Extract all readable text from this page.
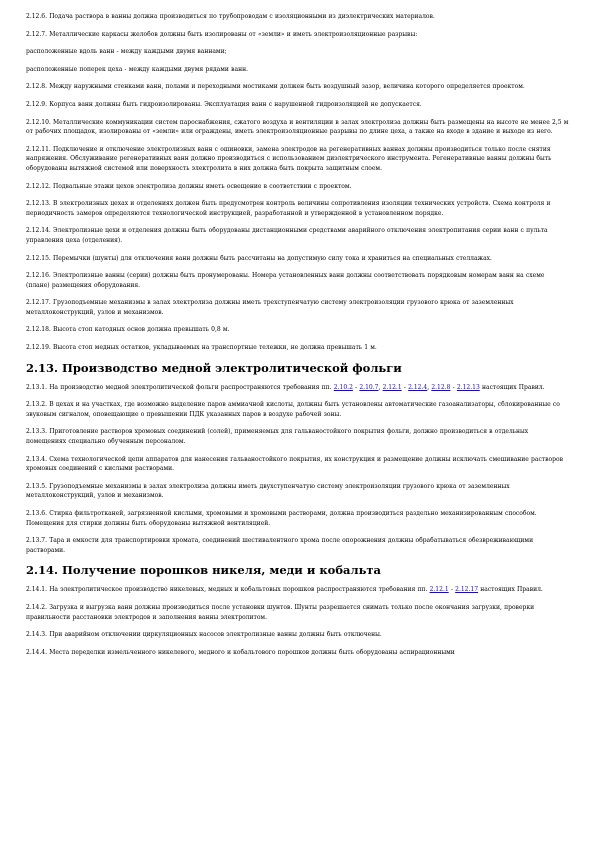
2.12.6. Подача раствора в ванны должна производиться по трубопроводам с изоляционными из диэлектрических материалов.

2.12.7. Металлические каркасы желобов должны быть изолированы от «земли» и иметь электроизоляционные разрывы:

расположенные вдоль ванн - между каждыми двумя ваннами;

расположенные поперек цеха - между каждыми двумя рядами ванн.

2.12.8. Между наружными стенками ванн, полами и переходными мостиками должен быть воздушный зазор, величина которого определяется проектом.

2.12.9. Корпуса ванн должны быть гидроизолированы. Эксплуатация ванн с нарушенной гидроизоляцией не допускается.

2.12.10. Металлические коммуникации систем пароснабжения, сжатого воздуха и вентиляции в залах электролиза должны быть размещены на высоте не менее 2,5 м от рабочих площадок, изолированы от «земли» или ограждены, иметь электроизоляционные разрывы по длине цеха, а также на входе в здание и выходе из него.

2.12.11. Подключение и отключение электролизных ванн с ошиновки, замена электродов на регенеративных ваннах должны производиться только после снятия напряжения. Обслуживание регенеративных ванн должно производиться с использованием диэлектрического инструмента. Регенеративные ванны должны быть оборудованы вытяжной системой или поверхность электролита в них должна быть покрыта защитным слоем.

2.12.12. Подвальные этажи цехов электролиза должны иметь освещение в соответствии с проектом.

2.12.13. В электролизных цехах и отделениях должен быть предусмотрен контроль величины сопротивления изоляции технических устройств. Схема контроля и периодичность замеров определяются технологической инструкцией, разработанной и утвержденной в установленном порядке.

2.12.14. Электролизные цехи и отделения должны быть оборудованы дистанционными средствами аварийного отключения электропитания серии ванн с пульта управления цеха (отделения).

2.12.15. Перемычки (шунты) для отключения ванн должны быть рассчитаны на допустимую силу тока и храниться на специальных стеллажах.

2.12.16. Электролизные ванны (серии) должны быть пронумерованы. Номера установленных ванн должны соответствовать порядковым номерам ванн на схеме (плане) размещения оборудования.

2.12.17. Грузоподъемные механизмы в залах электролиза должны иметь трехступенчатую систему электроизоляции грузового крюка от заземленных металлоконструкций, узлов и механизмов.

2.12.18. Высота стоп катодных основ должна превышать 0,8 м.

2.12.19. Высота стоп медных остатков, укладываемых на транспортные тележки, не должна превышать 1 м.

2.13. Производство медной электролитической фольги

2.13.1. На производство медной электролитической фольги распространяются требования пп. 2.10.2 - 2.10.7, 2.12.1 - 2.12.4, 2.12.8 - 2.12.13 настоящих Правил.

2.13.2. В цехах и на участках, где возможно выделение паров аммиачной кислоты, должны быть установлены автоматические газоанализаторы, сблокированные со звуковым сигналом, оповещающие о превышении ПДК указанных паров в воздухе рабочей зоны.

2.13.3. Приготовление растворов хромовых соединений (солей), применяемых для гальваностойкого покрытия фольги, должно производиться в отдельных помещениях специально обученным персоналом.

2.13.4. Схема технологической цепи аппаратов для нанесения гальваностойкого покрытия, их конструкция и размещение должны исключать смешивание растворов хромовых соединений с кислыми растворами.

2.13.5. Грузоподъемные механизмы в залах электролиза должны иметь двухступенчатую систему электроизоляции грузового крюка от заземленных металлоконструкций, узлов и механизмов.

2.13.6. Стирка фильтротканей, загрязненной кислыми, хромовыми и хромовыми растворами, должна производиться раздельно механизированным способом. Помещения для стирки должны быть оборудованы вытяжной вентиляцией.

2.13.7. Тара и емкости для транспортировки хромата, соединений шестивалентного хрома после опорожнения должны обрабатываться обезвреживающими растворами.

2.14. Получение порошков никеля, меди и кобальта

2.14.1. На электролитическое производство никелевых, медных и кобальтовых порошков распространяются требования пп. 2.12.1 - 2.12.17 настоящих Правил.

2.14.2. Загрузка и выгрузка ванн должны производиться после установки шунтов. Шунты разрешается снимать только после окончания загрузки, проверки правильности расстановки электродов и заполнения ванны электролитом.

2.14.3. При аварийном отключении циркуляционных насосов электролизные ванны должны быть отключены.

2.14.4. Места переделки измельченного никелевого, медного и кобальтового порошков должны быть оборудованы аспирационными
